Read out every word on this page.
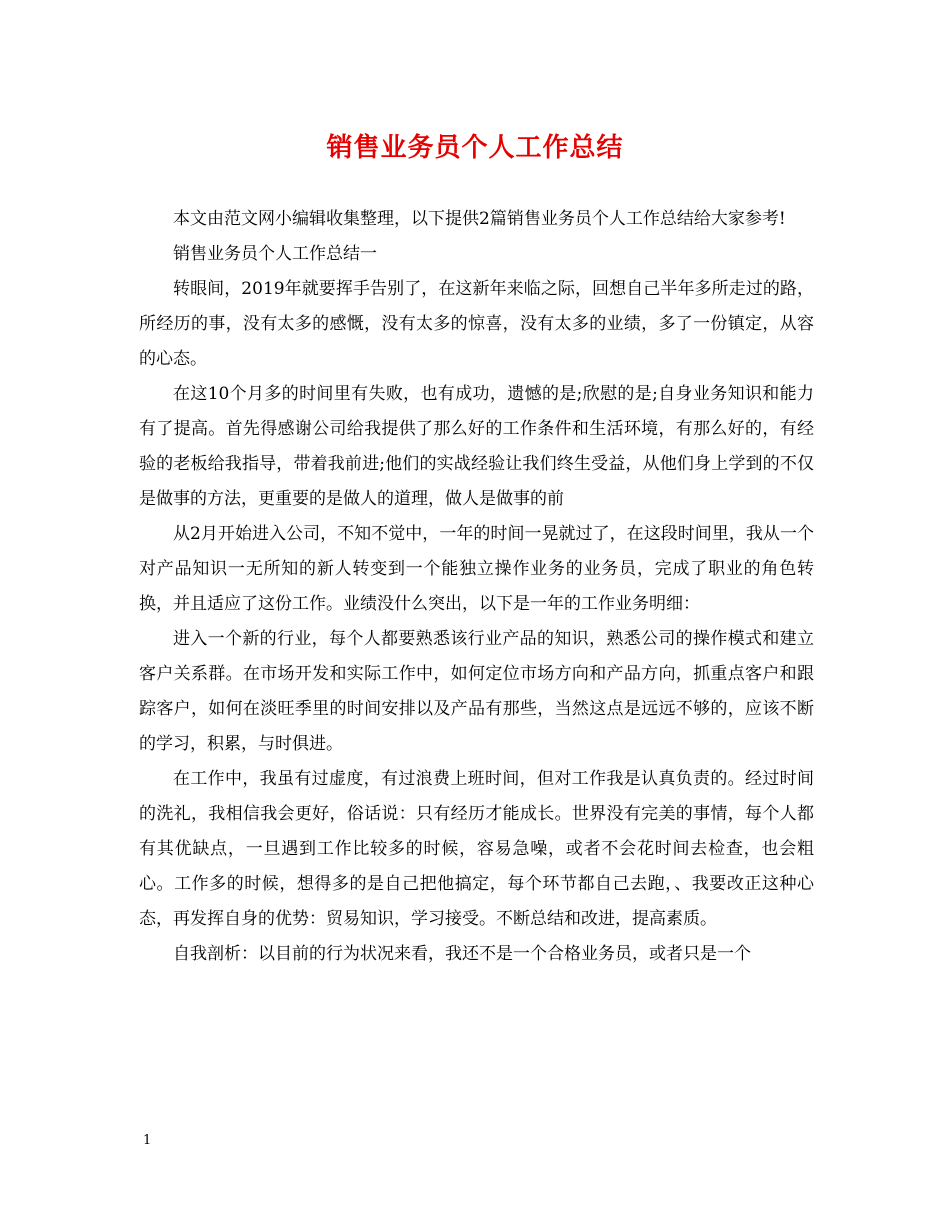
销售业务员个人工作总结

本文由范文网小编辑收集整理，以下提供2篇销售业务员个人工作总结给大家参考!

销售业务员个人工作总结一

转眼间，2019年就要挥手告别了，在这新年来临之际，回想自己半年多所走过的路，所经历的事，没有太多的感慨，没有太多的惊喜，没有太多的业绩，多了一份镇定，从容的心态。

在这10个月多的时间里有失败，也有成功，遗憾的是;欣慰的是;自身业务知识和能力有了提高。首先得感谢公司给我提供了那么好的工作条件和生活环境，有那么好的，有经验的老板给我指导，带着我前进;他们的实战经验让我们终生受益，从他们身上学到的不仅是做事的方法，更重要的是做人的道理，做人是做事的前

从2月开始进入公司，不知不觉中，一年的时间一晃就过了，在这段时间里，我从一个对产品知识一无所知的新人转变到一个能独立操作业务的业务员，完成了职业的角色转换，并且适应了这份工作。业绩没什么突出，以下是一年的工作业务明细：

进入一个新的行业，每个人都要熟悉该行业产品的知识，熟悉公司的操作模式和建立客户关系群。在市场开发和实际工作中，如何定位市场方向和产品方向，抓重点客户和跟踪客户，如何在淡旺季里的时间安排以及产品有那些，当然这点是远远不够的，应该不断的学习，积累，与时俱进。

在工作中，我虽有过虚度，有过浪费上班时间，但对工作我是认真负责的。经过时间的洗礼，我相信我会更好，俗话说：只有经历才能成长。世界没有完美的事情，每个人都有其优缺点，一旦遇到工作比较多的时候，容易急噪，或者不会花时间去检查，也会粗心。工作多的时候，想得多的是自己把他搞定，每个环节都自己去跑，、我要改正这种心态，再发挥自身的优势：贸易知识，学习接受。不断总结和改进，提高素质。

自我剖析：以目前的行为状况来看，我还不是一个合格业务员，或者只是一个

1
